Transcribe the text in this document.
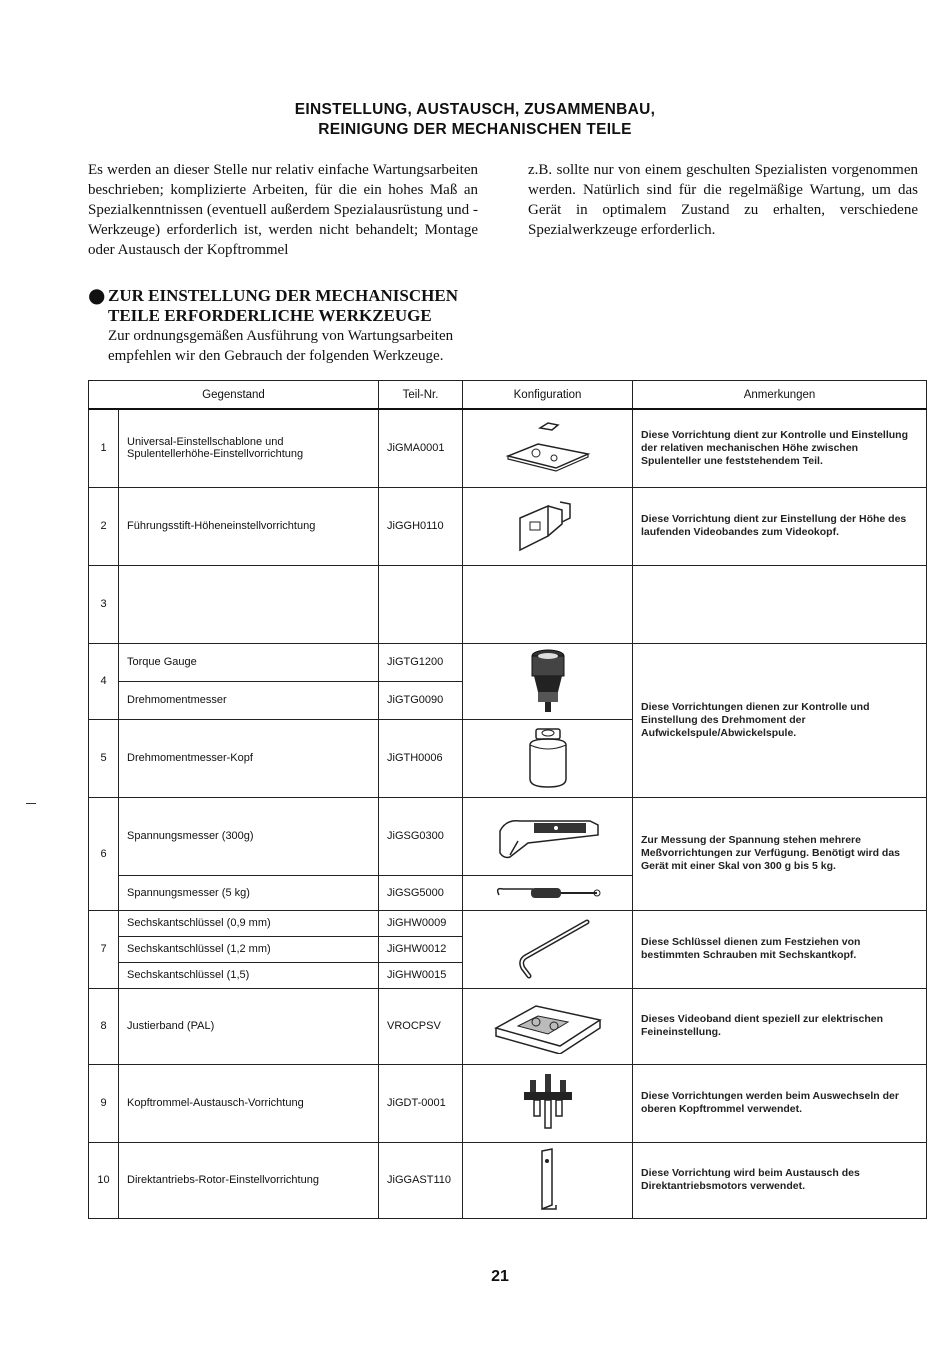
EINSTELLUNG, AUSTAUSCH, ZUSAMMENBAU,
REINIGUNG DER MECHANISCHEN TEILE
Es werden an dieser Stelle nur relativ einfache Wartungsarbeiten beschrieben; komplizierte Arbeiten, für die ein hohes Maß an Spezialkenntnissen (eventuell außerdem Spezialausrüstung und -Werkzeuge) erforderlich ist, werden nicht behandelt; Montage oder Austausch der Kopftrommel
z.B. sollte nur von einem geschulten Spezialisten vorgenommen werden. Natürlich sind für die regelmäßige Wartung, um das Gerät in optimalem Zustand zu erhalten, verschiedene Spezialwerkzeuge erforderlich.
● ZUR EINSTELLUNG DER MECHANISCHEN
TEILE ERFORDERLICHE WERKZEUGE
Zur ordnungsgemäßen Ausführung von Wartungsarbeiten empfehlen wir den Gebrauch der folgenden Werkzeuge.
Gegenstand		Teil-Nr.	Konfiguration	Anmerkungen
1	Universal-Einstellschablone und
Spulentellerhöhe-Einstellvorrichtung	JiGMA0001		Diese Vorrichtung dient zur Kontrolle und Einstellung der relativen mechanischen Höhe zwischen Spulenteller une feststehendem Teil.
2	Führungsstift-Höheneinstellvorrichtung	JiGGH0110		Diese Vorrichtung dient zur Einstellung der Höhe des laufenden Videobandes zum Videokopf.
3				
4	Torque Gauge	JiGTG1200		Diese Vorrichtungen dienen zur Kontrolle und Einstellung des Drehmoment der Aufwickelspule/Abwickelspule.
	Drehmomentmesser	JiGTG0090		
5	Drehmomentmesser-Kopf	JiGTH0006	

6	Spannungsmesser (300g)	JiGSG0300		Zur Messung der Spannung stehen mehrere Meßvorrichtungen zur Verfügung. Benötigt wird das Gerät mit einer Skal von 300 g bis 5 kg.
	Spannungsmesser (5 kg)	JiGSG5000	

7	Sechskantschlüssel (0,9 mm)	JiGHW0009		Diese Schlüssel dienen zum Festziehen von bestimmten Schrauben mit Sechskantkopf.
	Sechskantschlüssel (1,2 mm)	JiGHW0012		
	Sechskantschlüssel (1,5)	JiGHW0015		
8	Justierband (PAL)	VROCPSV		Dieses Videoband dient speziell zur elektrischen Feineinstellung.
9	Kopftrommel-Austausch-Vorrichtung	JiGDT-0001		Diese Vorrichtungen werden beim Auswechseln der oberen Kopftrommel verwendet.
10	Direktantriebs-Rotor-Einstellvorrichtung	JiGGAST110		Diese Vorrichtung wird beim Austausch des Direktantriebsmotors verwendet.
21
